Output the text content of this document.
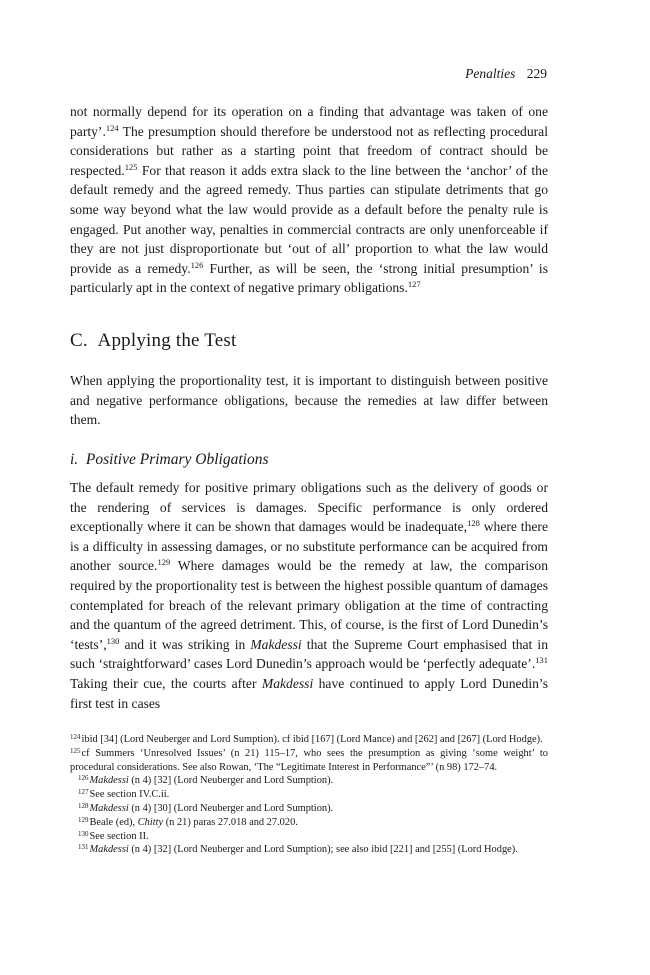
Penalties 229
not normally depend for its operation on a finding that advantage was taken of one party’.$^{124}$ The presumption should therefore be understood not as reflecting procedural considerations but rather as a starting point that freedom of contract should be respected.$^{125}$ For that reason it adds extra slack to the line between the ‘anchor’ of the default remedy and the agreed remedy. Thus parties can stipulate detriments that go some way beyond what the law would provide as a default before the penalty rule is engaged. Put another way, penalties in commercial contracts are only unenforceable if they are not just disproportionate but ‘out of all’ proportion to what the law would provide as a remedy.$^{126}$ Further, as will be seen, the ‘strong initial presumption’ is particularly apt in the context of negative primary obligations.$^{127}$
C. Applying the Test
When applying the proportionality test, it is important to distinguish between positive and negative performance obligations, because the remedies at law differ between them.
i. Positive Primary Obligations
The default remedy for positive primary obligations such as the delivery of goods or the rendering of services is damages. Specific performance is only ordered exceptionally where it can be shown that damages would be inadequate,$^{128}$ where there is a difficulty in assessing damages, or no substitute performance can be acquired from another source.$^{129}$ Where damages would be the remedy at law, the comparison required by the proportionality test is between the highest possible quantum of damages contemplated for breach of the relevant primary obligation at the time of contracting and the quantum of the agreed detriment. This, of course, is the first of Lord Dunedin’s ‘tests’,$^{130}$ and it was striking in Makdessi that the Supreme Court emphasised that in such ‘straightforward’ cases Lord Dunedin’s approach would be ‘perfectly adequate’.$^{131}$ Taking their cue, the courts after Makdessi have continued to apply Lord Dunedin’s first test in cases

$^{124}$ibid [34] (Lord Neuberger and Lord Sumption). cf ibid [167] (Lord Mance) and [262] and [267] (Lord Hodge).

$^{125}$cf Summers ‘Unresolved Issues’ (n 21) 115–17, who sees the presumption as giving ‘some weight’ to procedural considerations. See also Rowan, ‘The “Legitimate Interest in Performance”’ (n 98) 172–74.

$^{126}$Makdessi (n 4) [32] (Lord Neuberger and Lord Sumption).

$^{127}$See section IV.C.ii.

$^{128}$Makdessi (n 4) [30] (Lord Neuberger and Lord Sumption).

$^{129}$Beale (ed), Chitty (n 21) paras 27.018 and 27.020.

$^{130}$See section II.

$^{131}$Makdessi (n 4) [32] (Lord Neuberger and Lord Sumption); see also ibid [221] and [255] (Lord Hodge).
